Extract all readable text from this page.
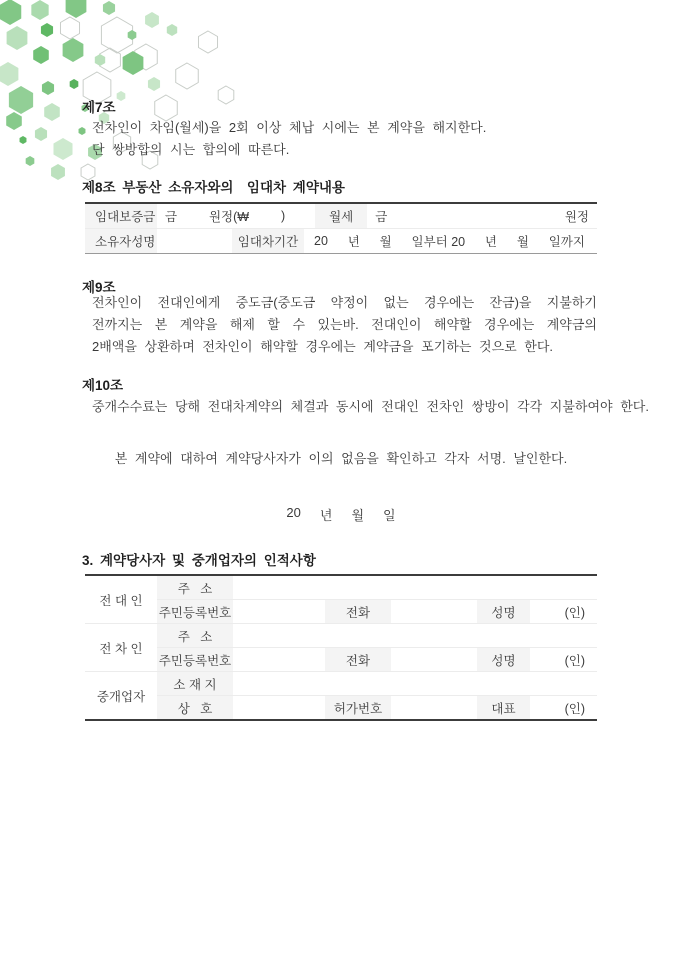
제7조
전차인이 차임(월세)을 2회 이상 체납 시에는 본 계약을 해지한다.
단 쌍방합의 시는 합의에 따른다.
제8조 부동산 소유자와의  임대차 계약내용
임대보증금 금	원정(₩	)	월세	금	원정
소유자성명	임대차기간	20 년 월 일부터 20 년 월 일까지
제9조
전차인이 전대인에게 중도금(중도금 약정이 없는 경우에는 잔금)을 지불하기 전까지는 본 계약을 해제 할 수 있는바. 전대인이 해약할 경우에는 계약금의 2배액을 상환하며 전차인이 해약할 경우에는 계약금을 포기하는 것으로 한다.
제10조
중개수수료는 당해 전대차계약의 체결과 동시에 전대인 전차인 쌍방이 각각 지불하여야 한다.
본 계약에 대하여 계약당사자가 이의 없음을 확인하고 각자 서명. 날인한다.
20 년 월 일
3. 계약당사자 및 중개업자의 인적사항
전 대 인	주   소					
	주민등록번호		전화		성명	(인)
전 차 인	주   소					
	주민등록번호		전화		성명	(인)
중개업자	소 재 지					
	상   호		허가번호		대표	(인)
